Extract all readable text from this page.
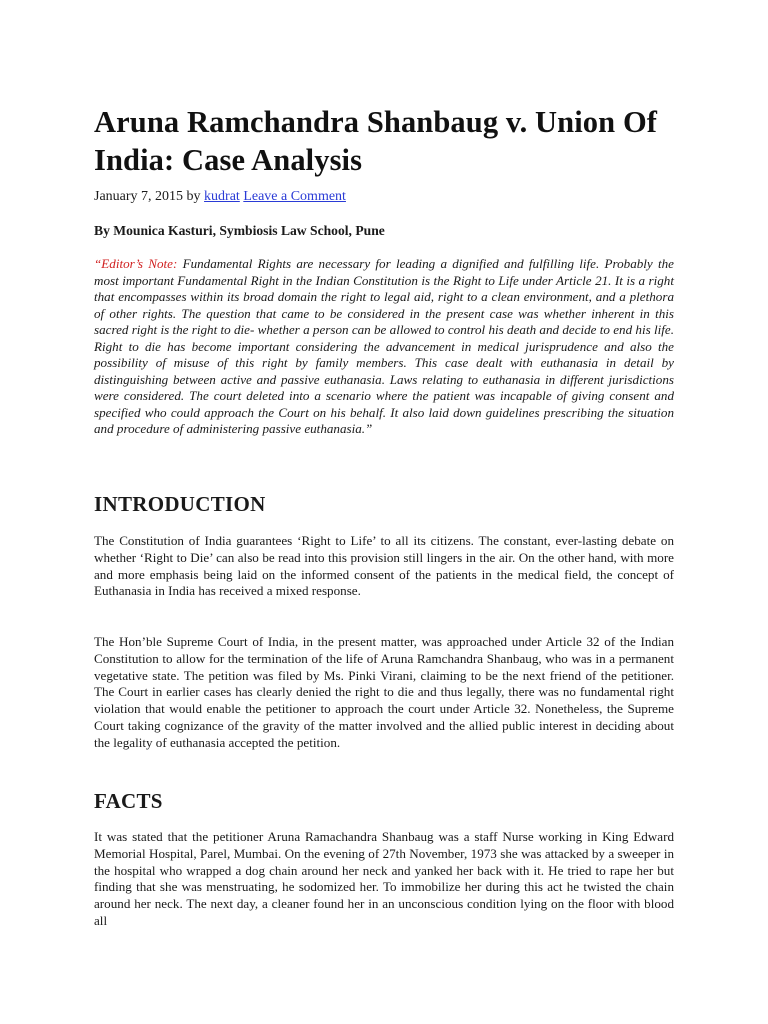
Aruna Ramchandra Shanbaug v. Union Of India: Case Analysis
January 7, 2015 by kudrat Leave a Comment
By Mounica Kasturi, Symbiosis Law School, Pune
“Editor’s Note: Fundamental Rights are necessary for leading a dignified and fulfilling life. Probably the most important Fundamental Right in the Indian Constitution is the Right to Life under Article 21. It is a right that encompasses within its broad domain the right to legal aid, right to a clean environment, and a plethora of other rights. The question that came to be considered in the present case was whether inherent in this sacred right is the right to die- whether a person can be allowed to control his death and decide to end his life. Right to die has become important considering the advancement in medical jurisprudence and also the possibility of misuse of this right by family members. This case dealt with euthanasia in detail by distinguishing between active and passive euthanasia. Laws relating to euthanasia in different jurisdictions were considered. The court deleted into a scenario where the patient was incapable of giving consent and specified who could approach the Court on his behalf. It also laid down guidelines prescribing the situation and procedure of administering passive euthanasia.”
INTRODUCTION

The Constitution of India guarantees ‘Right to Life’ to all its citizens. The constant, ever-lasting debate on whether ‘Right to Die’ can also be read into this provision still lingers in the air. On the other hand, with more and more emphasis being laid on the informed consent of the patients in the medical field, the concept of Euthanasia in India has received a mixed response.

The Hon’ble Supreme Court of India, in the present matter, was approached under Article 32 of the Indian Constitution to allow for the termination of the life of Aruna Ramchandra Shanbaug, who was in a permanent vegetative state. The petition was filed by Ms. Pinki Virani, claiming to be the next friend of the petitioner. The Court in earlier cases has clearly denied the right to die and thus legally, there was no fundamental right violation that would enable the petitioner to approach the court under Article 32. Nonetheless, the Supreme Court taking cognizance of the gravity of the matter involved and the allied public interest in deciding about the legality of euthanasia accepted the petition.

FACTS

It was stated that the petitioner Aruna Ramachandra Shanbaug was a staff Nurse working in King Edward Memorial Hospital, Parel, Mumbai. On the evening of 27th November, 1973 she was attacked by a sweeper in the hospital who wrapped a dog chain around her neck and yanked her back with it. He tried to rape her but finding that she was menstruating, he sodomized her. To immobilize her during this act he twisted the chain around her neck. The next day, a cleaner found her in an unconscious condition lying on the floor with blood all
